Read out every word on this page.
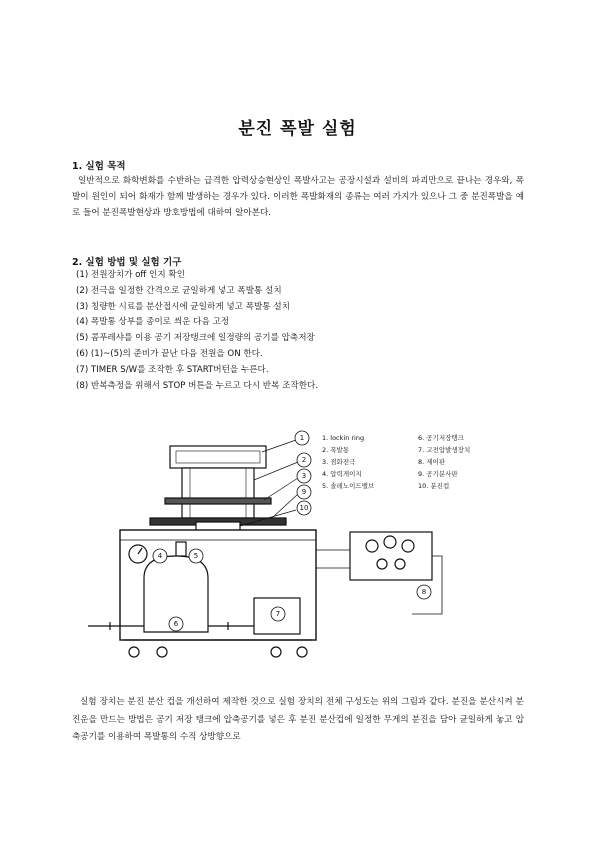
분진 폭발 실험
1. 실험 목적

일반적으로 화학변화를 수반하는 급격한 압력상승현상인 폭발사고는 공장시설과 설비의 파괴만으로 끝나는 경우와, 폭발이 원인이 되어 화재가 함께 발생하는 경우가 있다. 이러한 폭발화재의 종류는 여러 가지가 있으나 그 중 분진폭발을 예로 들어 분진폭발현상과 방호방법에 대하여 알아본다.

2. 실험 방법 및 실험 기구
(1) 전원장치가 off 인지 확인
(2) 전극을 일정한 간격으로 균일하게 넣고 폭발통 설치
(3) 칭량한 시료를 분산접시에 균일하게 넣고 폭발통 설치
(4) 폭발통 상부를 종이로 씌운 다음 고정
(5) 콤푸레샤를 이용 공기 저장탱크에 일정량의 공기를 압축저장
(6) (1)~(5)의 준비가 끝난 다음 전원을 ON 한다.
(7) TIMER S/W를 조작한 후 START버턴을 누른다.
(8) 반복측정을 위해서 STOP 버튼을 누르고 다시 반복 조작한다.
1
2
3
9
10
4	5
6
7
8
1. lockin ring
2. 폭발통
3. 점화전극
4. 압력게이지
5. 솔레노이드밸브
6. 공기저장탱크
7. 고전압발생장치
8. 제어판
9. 공기분사판
10. 분진컵

실험 장치는 분진 분산 컵을 개선하여 제작한 것으로 실험 장치의 전체 구성도는 위의 그림과 같다. 분진을 분산시켜 분진운을 만드는 방법은 공기 저장 탱크에 압축공기를 넣은 후 분진 분산컵에 일정한 무게의 분진을 담아 균일하게 놓고 압축공기를 이용하여 폭발통의 수직 상방향으로
